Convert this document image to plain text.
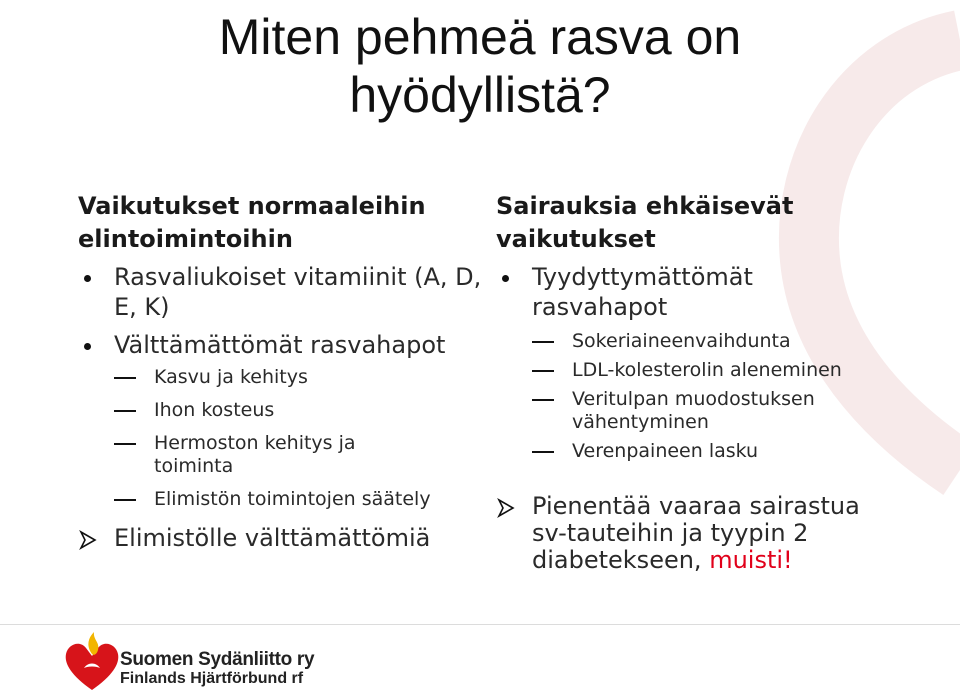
Miten pehmeä rasva on
hyödyllistä?
Vaikutukset normaaleihin elintoimintoihin
Rasvaliukoiset vitamiinit (A, D, E, K)
Välttämättömät rasvahapot
Kasvu ja kehitys
Ihon kosteus
Hermoston kehitys ja toiminta
Elimistön toimintojen säätely
Elimistölle välttämättömiä
Sairauksia ehkäisevät vaikutukset
Tyydyttymättömät rasvahapot
Sokeriaineenvaihdunta
LDL-kolesterolin aleneminen
Veritulpan muodostuksen vähentyminen
Verenpaineen lasku
Pienentää vaaraa sairastua sv-tauteihin ja tyypin 2 diabetekseen, muisti!
Suomen Sydänliitto ry
Finlands Hjärtförbund rf
